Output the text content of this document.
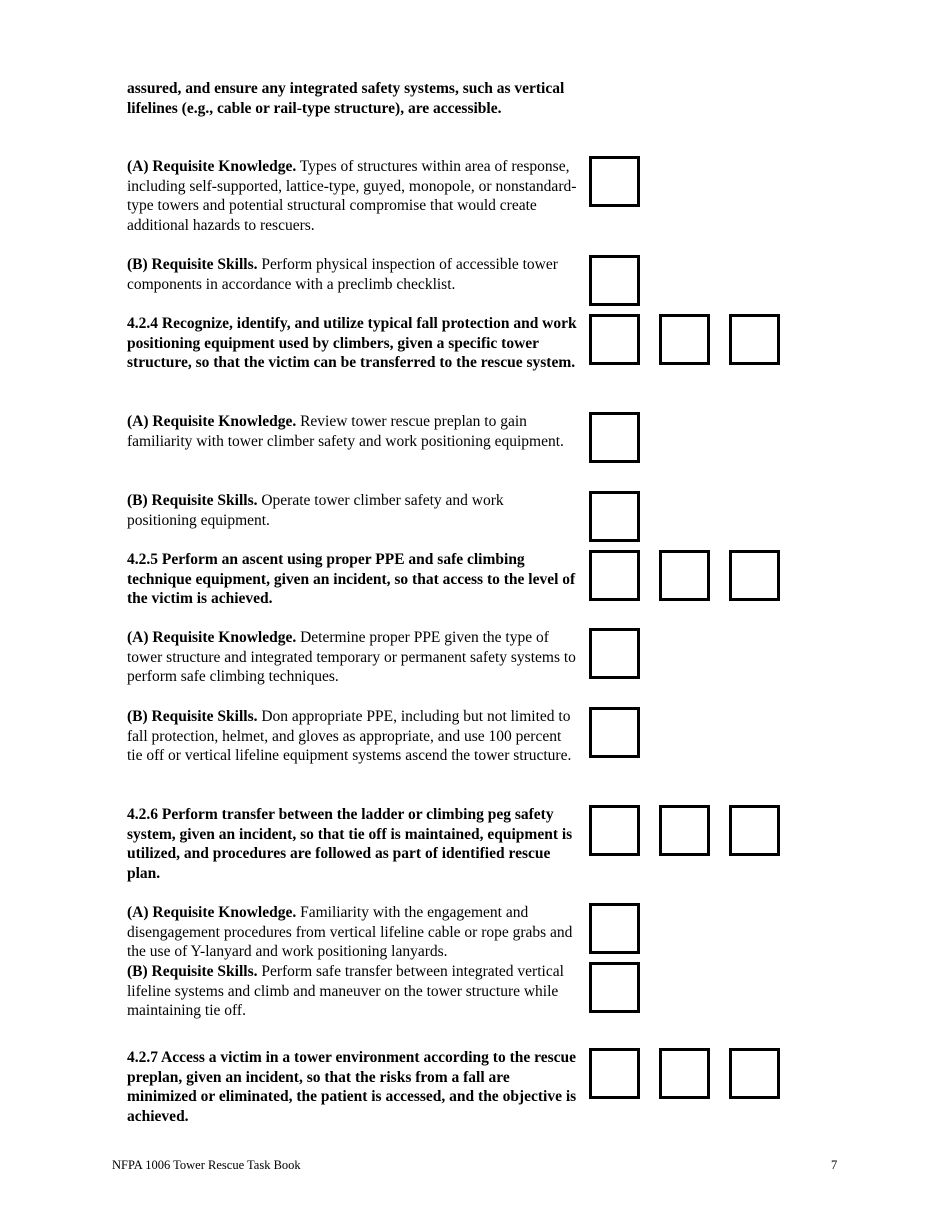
assured, and ensure any integrated safety systems, such as vertical lifelines (e.g., cable or rail-type structure), are accessible.
(A) Requisite Knowledge. Types of structures within area of response, including self-supported, lattice-type, guyed, monopole, or nonstandard-type towers and potential structural compromise that would create additional hazards to rescuers.
(B) Requisite Skills. Perform physical inspection of accessible tower components in accordance with a preclimb checklist.
4.2.4 Recognize, identify, and utilize typical fall protection and work positioning equipment used by climbers, given a specific tower structure, so that the victim can be transferred to the rescue system.
(A) Requisite Knowledge. Review tower rescue preplan to gain familiarity with tower climber safety and work positioning equipment.
(B) Requisite Skills. Operate tower climber safety and work positioning equipment.
4.2.5 Perform an ascent using proper PPE and safe climbing technique equipment, given an incident, so that access to the level of the victim is achieved.
(A) Requisite Knowledge. Determine proper PPE given the type of tower structure and integrated temporary or permanent safety systems to perform safe climbing techniques.
(B) Requisite Skills. Don appropriate PPE, including but not limited to fall protection, helmet, and gloves as appropriate, and use 100 percent tie off or vertical lifeline equipment systems ascend the tower structure.
4.2.6 Perform transfer between the ladder or climbing peg safety system, given an incident, so that tie off is maintained, equipment is utilized, and procedures are followed as part of identified rescue plan.
(A) Requisite Knowledge. Familiarity with the engagement and disengagement procedures from vertical lifeline cable or rope grabs and the use of Y-lanyard and work positioning lanyards.
(B) Requisite Skills. Perform safe transfer between integrated vertical lifeline systems and climb and maneuver on the tower structure while maintaining tie off.
4.2.7 Access a victim in a tower environment according to the rescue preplan, given an incident, so that the risks from a fall are minimized or eliminated, the patient is accessed, and the objective is achieved.
NFPA 1006 Tower Rescue Task Book	7
